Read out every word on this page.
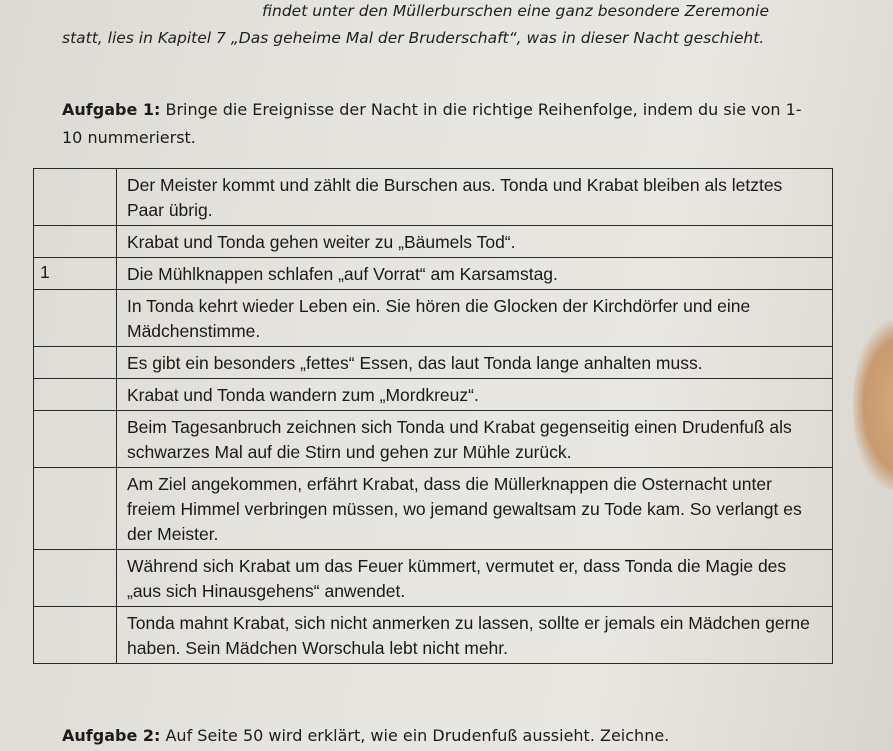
findet unter den Müllerburschen eine ganz besondere Zeremonie
statt, lies in Kapitel 7 „Das geheime Mal der Bruderschaft“, was in dieser Nacht geschieht.
Aufgabe 1: Bringe die Ereignisse der Nacht in die richtige Reihenfolge, indem du sie von 1- 10 nummerierst.
	Der Meister kommt und zählt die Burschen aus. Tonda und Krabat bleiben als letztes Paar übrig.
	Krabat und Tonda gehen weiter zu „Bäumels Tod“.
1	Die Mühlknappen schlafen „auf Vorrat“ am Karsamstag.
	In Tonda kehrt wieder Leben ein. Sie hören die Glocken der Kirchdörfer und eine Mädchenstimme.
	Es gibt ein besonders „fettes“ Essen, das laut Tonda lange anhalten muss.
	Krabat und Tonda wandern zum „Mordkreuz“.
	Beim Tagesanbruch zeichnen sich Tonda und Krabat gegenseitig einen Drudenfuß als schwarzes Mal auf die Stirn und gehen zur Mühle zurück.
	Am Ziel angekommen, erfährt Krabat, dass die Müllerknappen die Osternacht unter freiem Himmel verbringen müssen, wo jemand gewaltsam zu Tode kam. So verlangt es der Meister.
	Während sich Krabat um das Feuer kümmert, vermutet er, dass Tonda die Magie des „aus sich Hinausgehens“ anwendet.
	Tonda mahnt Krabat, sich nicht anmerken zu lassen, sollte er jemals ein Mädchen gerne haben. Sein Mädchen Worschula lebt nicht mehr.
Aufgabe 2: Auf Seite 50 wird erklärt, wie ein Drudenfuß aussieht. Zeichne.
